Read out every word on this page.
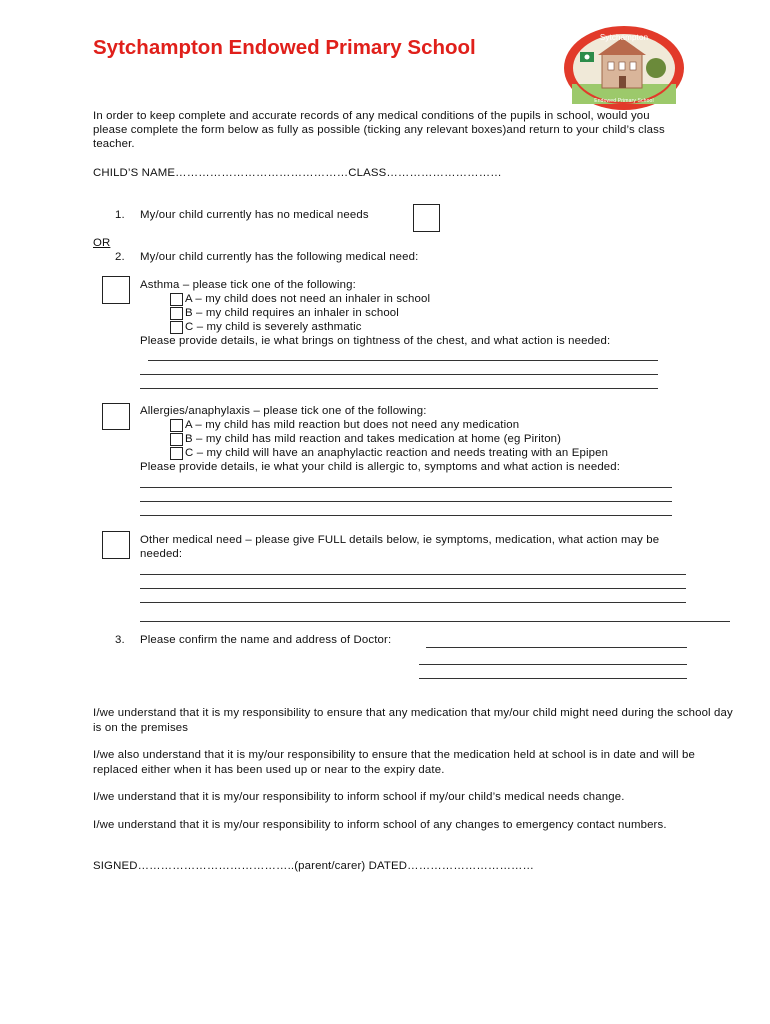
Sytchampton Endowed Primary School	Sytchampton
Endowed Primary School
In order to keep complete and accurate records of any medical conditions of the pupils in school, would you
please complete the form below as fully as possible (ticking any relevant boxes)and return to your child’s class
teacher.
CHILD’S NAME………………………………………CLASS…………………………
1. My/our child currently has no medical needs
OR
2. My/our child currently has the following medical need:
Asthma – please tick one of the following:
A – my child does not need an inhaler in school
B – my child requires an inhaler in school
C – my child is severely asthmatic
Please provide details, ie what brings on tightness of the chest, and what action is needed:
Allergies/anaphylaxis – please tick one of the following:
A – my child has mild reaction but does not need any medication
B – my child has mild reaction and takes medication at home (eg Piriton)
C – my child will have an anaphylactic reaction and needs treating with an Epipen
Please provide details, ie what your child is allergic to, symptoms and what action is needed:
Other medical need – please give FULL details below, ie symptoms, medication, what action may be
needed:
3. Please confirm the name and address of Doctor:
I/we understand that it is my responsibility to ensure that any medication that my/our child might need during the school day is on the premises
I/we also understand that it is my/our responsibility to ensure that the medication held at school is in date and will be replaced either when it has been used up or near to the expiry date.
I/we understand that it is my/our responsibility to inform school if my/our child’s medical needs change.
I/we understand that it is my/our responsibility to inform school of any changes to emergency contact numbers.
SIGNED…………………………………..(parent/carer) DATED……………………………
